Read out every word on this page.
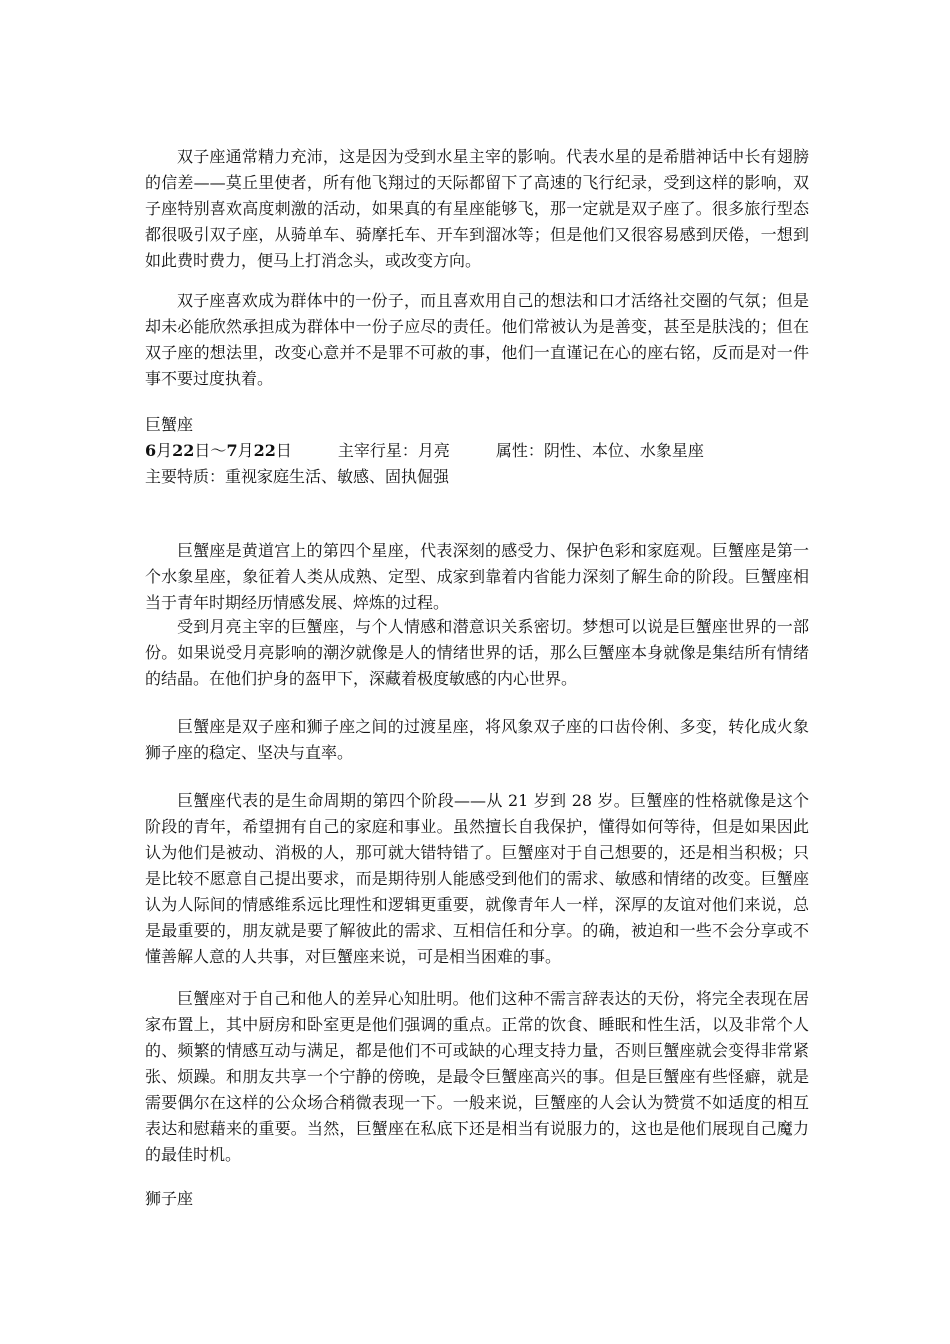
双子座通常精力充沛，这是因为受到水星主宰的影响。代表水星的是希腊神话中长有翅膀的信差——莫丘里使者，所有他飞翔过的天际都留下了高速的飞行纪录，受到这样的影响，双子座特别喜欢高度刺激的活动，如果真的有星座能够飞，那一定就是双子座了。很多旅行型态都很吸引双子座，从骑单车、骑摩托车、开车到溜冰等；但是他们又很容易感到厌倦，一想到如此费时费力，便马上打消念头，或改变方向。

双子座喜欢成为群体中的一份子，而且喜欢用自己的想法和口才活络社交圈的气氛；但是却未必能欣然承担成为群体中一份子应尽的责任。他们常被认为是善变，甚至是肤浅的；但在双子座的想法里，改变心意并不是罪不可赦的事，他们一直谨记在心的座右铭，反而是对一件事不要过度执着。

巨蟹座

6月22日～7月22日	主宰行星：月亮	属性：阴性、本位、水象星座

主要特质：重视家庭生活、敏感、固执倔强

巨蟹座是黄道宫上的第四个星座，代表深刻的感受力、保护色彩和家庭观。巨蟹座是第一个水象星座，象征着人类从成熟、定型、成家到靠着内省能力深刻了解生命的阶段。巨蟹座相当于青年时期经历情感发展、焠炼的过程。

受到月亮主宰的巨蟹座，与个人情感和潜意识关系密切。梦想可以说是巨蟹座世界的一部份。如果说受月亮影响的潮汐就像是人的情绪世界的话，那么巨蟹座本身就像是集结所有情绪的结晶。在他们护身的盔甲下，深藏着极度敏感的内心世界。

巨蟹座是双子座和狮子座之间的过渡星座，将风象双子座的口齿伶俐、多变，转化成火象狮子座的稳定、坚决与直率。

巨蟹座代表的是生命周期的第四个阶段——从 21 岁到 28 岁。巨蟹座的性格就像是这个阶段的青年，希望拥有自己的家庭和事业。虽然擅长自我保护，懂得如何等待，但是如果因此认为他们是被动、消极的人，那可就大错特错了。巨蟹座对于自己想要的，还是相当积极；只是比较不愿意自己提出要求，而是期待别人能感受到他们的需求、敏感和情绪的改变。巨蟹座认为人际间的情感维系远比理性和逻辑更重要，就像青年人一样，深厚的友谊对他们来说，总是最重要的，朋友就是要了解彼此的需求、互相信任和分享。的确，被迫和一些不会分享或不懂善解人意的人共事，对巨蟹座来说，可是相当困难的事。

巨蟹座对于自己和他人的差异心知肚明。他们这种不需言辞表达的天份，将完全表现在居家布置上，其中厨房和卧室更是他们强调的重点。正常的饮食、睡眠和性生活，以及非常个人的、频繁的情感互动与满足，都是他们不可或缺的心理支持力量，否则巨蟹座就会变得非常紧张、烦躁。和朋友共享一个宁静的傍晚，是最令巨蟹座高兴的事。但是巨蟹座有些怪癖，就是需要偶尔在这样的公众场合稍微表现一下。一般来说，巨蟹座的人会认为赞赏不如适度的相互表达和慰藉来的重要。当然，巨蟹座在私底下还是相当有说服力的，这也是他们展现自己魔力的最佳时机。

狮子座
